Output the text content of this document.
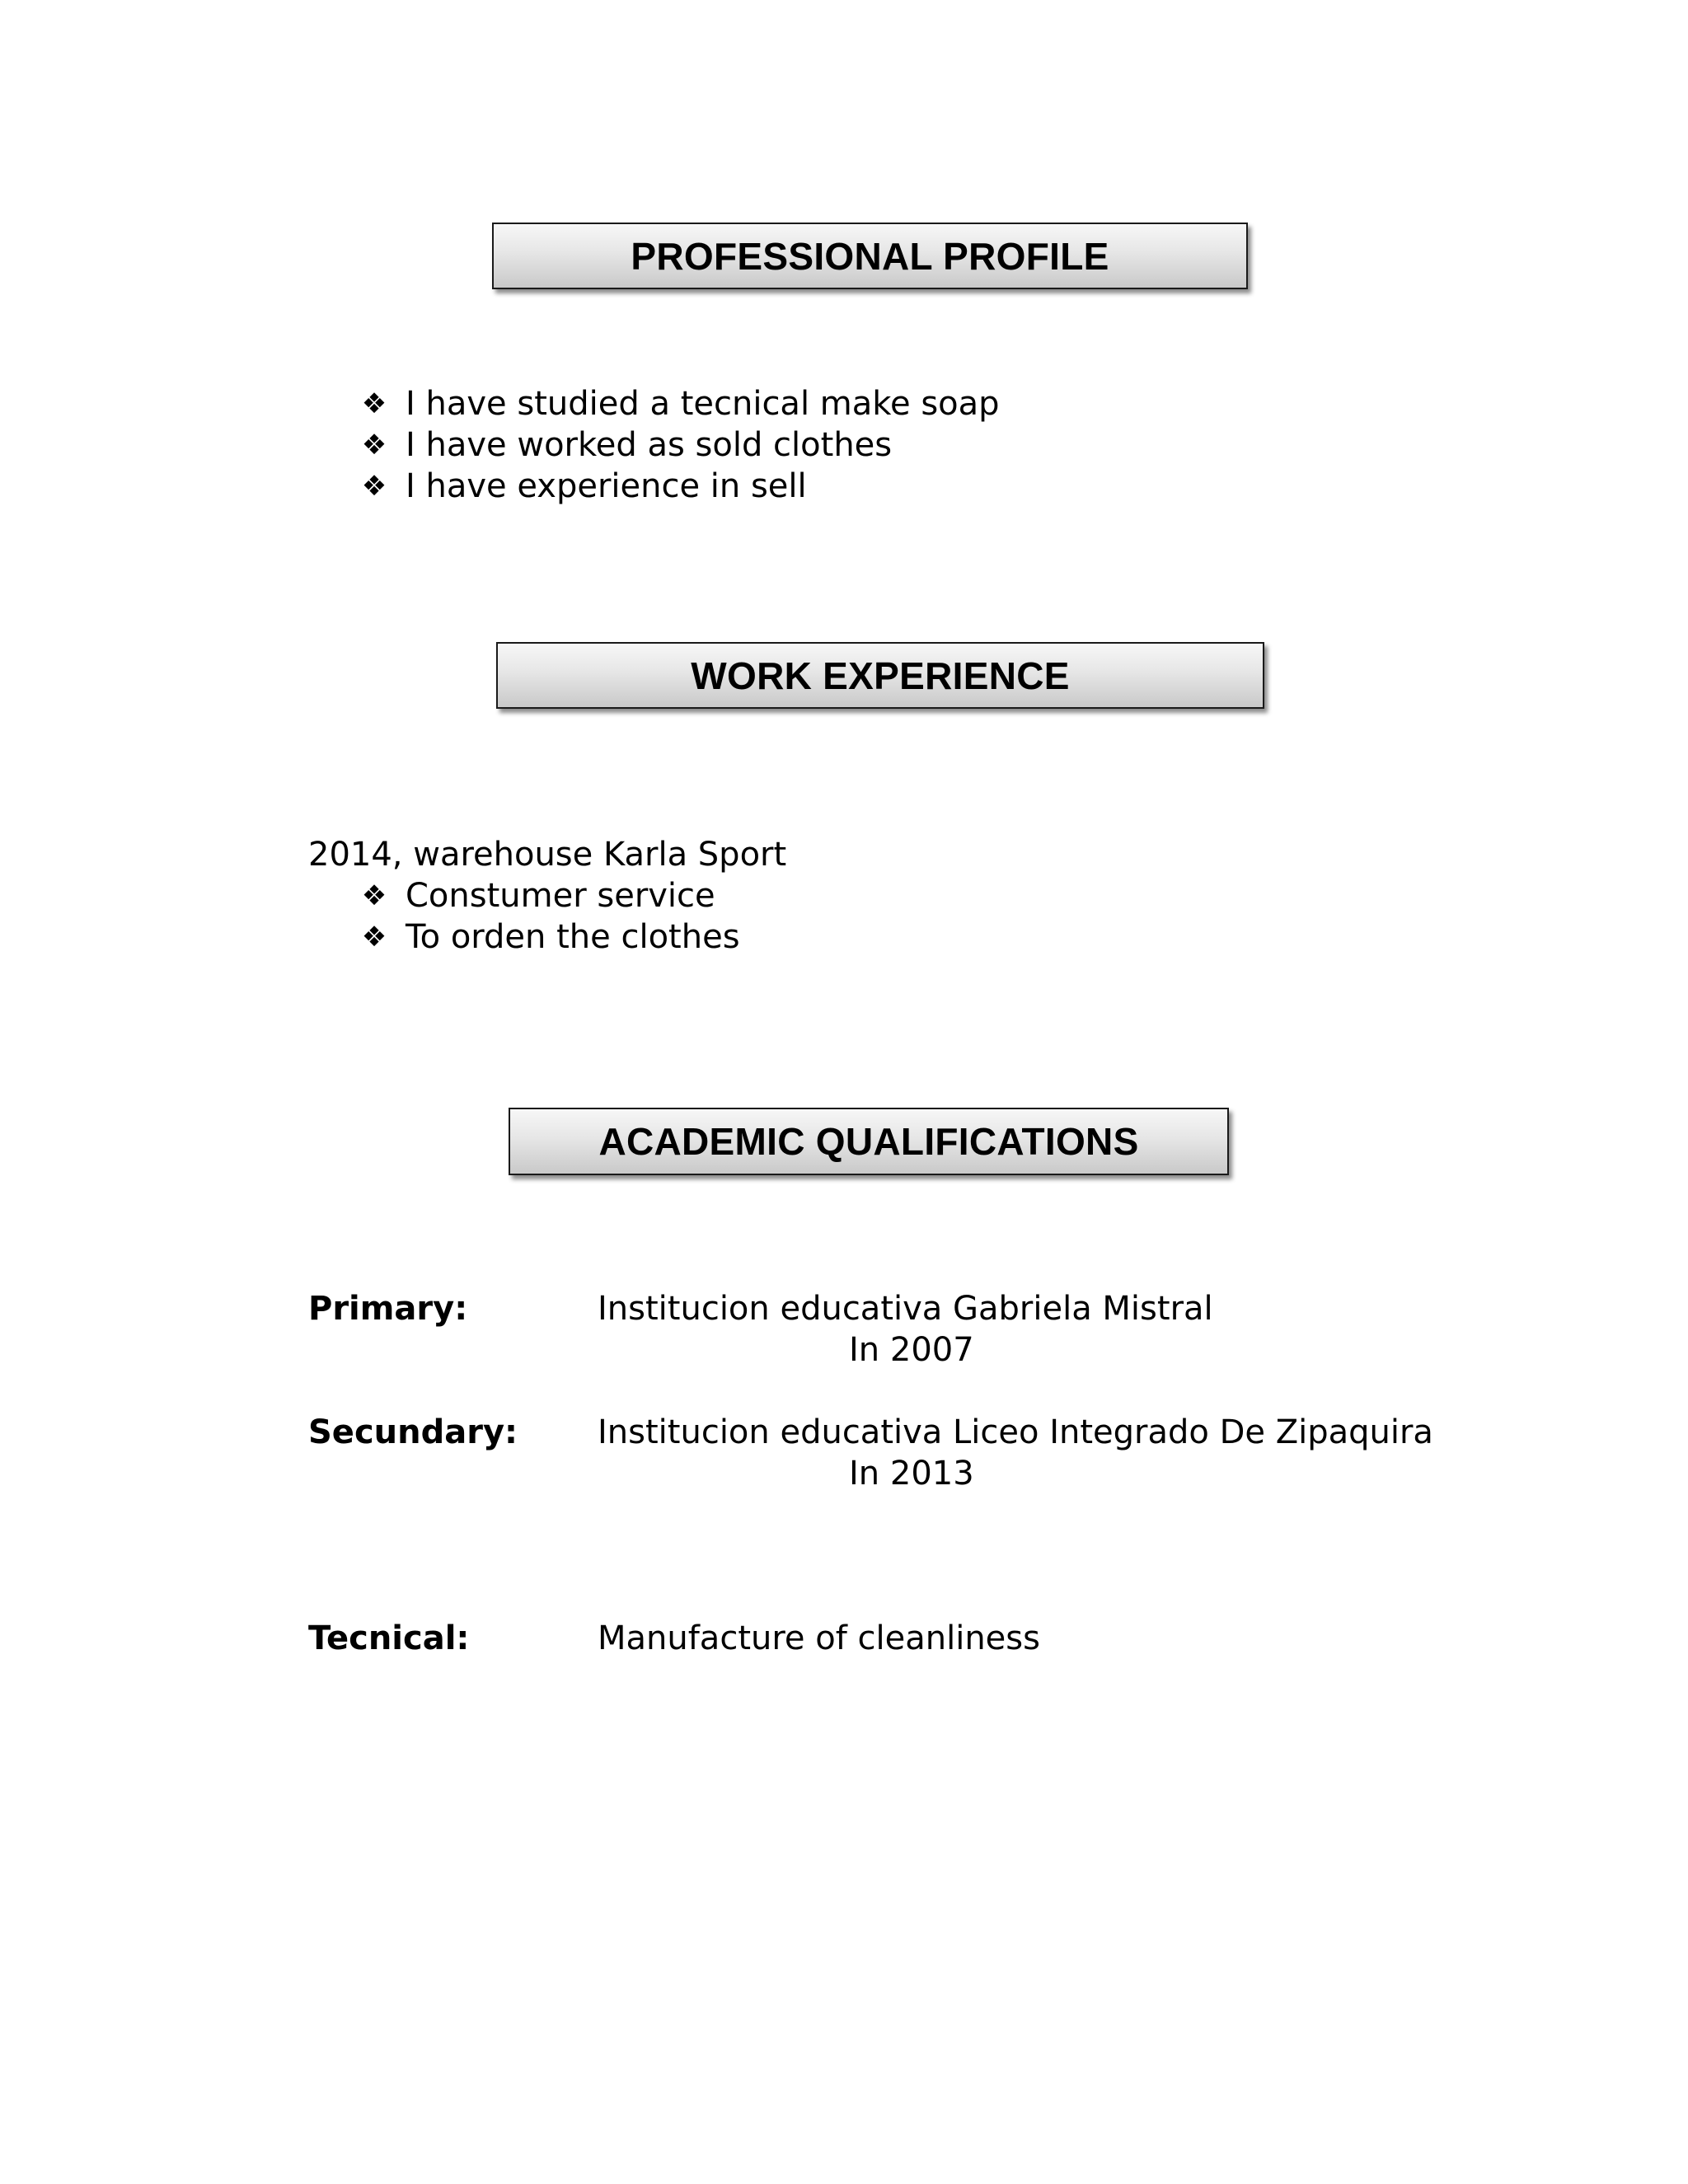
PROFESSIONAL PROFILE
❖ I have studied a tecnical make soap
❖ I have worked as sold clothes
❖ I have experience in sell
WORK EXPERIENCE
2014, warehouse Karla Sport
❖ Constumer service
❖ To orden the clothes
ACADEMIC QUALIFICATIONS
Primary:	Institucion educativa Gabriela Mistral
In 2007
Secundary: Institucion educativa Liceo Integrado De Zipaquira
In 2013
Tecnical:	Manufacture of cleanliness
